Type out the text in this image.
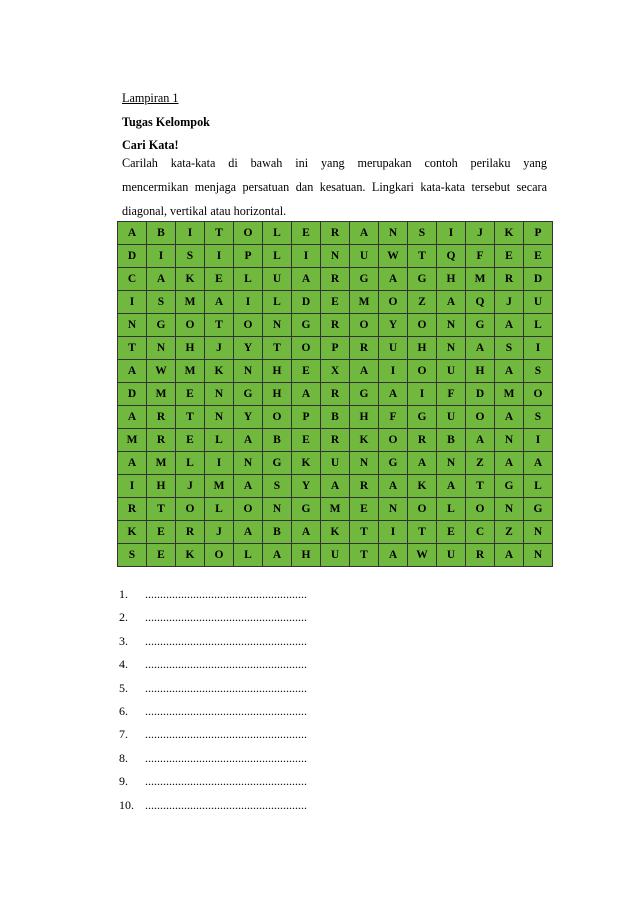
Lampiran 1
Tugas Kelompok
Cari Kata!
Carilah kata-kata di bawah ini yang merupakan contoh perilaku yang
mencermikan menjaga persatuan dan kesatuan. Lingkari kata-kata tersebut secara
diagonal, vertikal atau horizontal.
A	B	I	T	O	L	E	R	A	N	S	I	J	K	P
D	I	S	I	P	L	I	N	U	W	T	Q	F	E	E
C	A	K	E	L	U	A	R	G	A	G	H	M	R	D
I	S	M	A	I	L	D	E	M	O	Z	A	Q	J	U
N	G	O	T	O	N	G	R	O	Y	O	N	G	A	L
T	N	H	J	Y	T	O	P	R	U	H	N	A	S	I
A	W	M	K	N	H	E	X	A	I	O	U	H	A	S
D	M	E	N	G	H	A	R	G	A	I	F	D	M	O
A	R	T	N	Y	O	P	B	H	F	G	U	O	A	S
M	R	E	L	A	B	E	R	K	O	R	B	A	N	I
A	M	L	I	N	G	K	U	N	G	A	N	Z	A	A
I	H	J	M	A	S	Y	A	R	A	K	A	T	G	L
R	T	O	L	O	N	G	M	E	N	O	L	O	N	G
K	E	R	J	A	B	A	K	T	I	T	E	C	Z	N
S	E	K	O	L	A	H	U	T	A	W	U	R	A	N
1. ......................................................
2. ......................................................
3. ......................................................
4. ......................................................
5. ......................................................
6. ......................................................
7. ......................................................
8. ......................................................
9. ......................................................
10. ......................................................
